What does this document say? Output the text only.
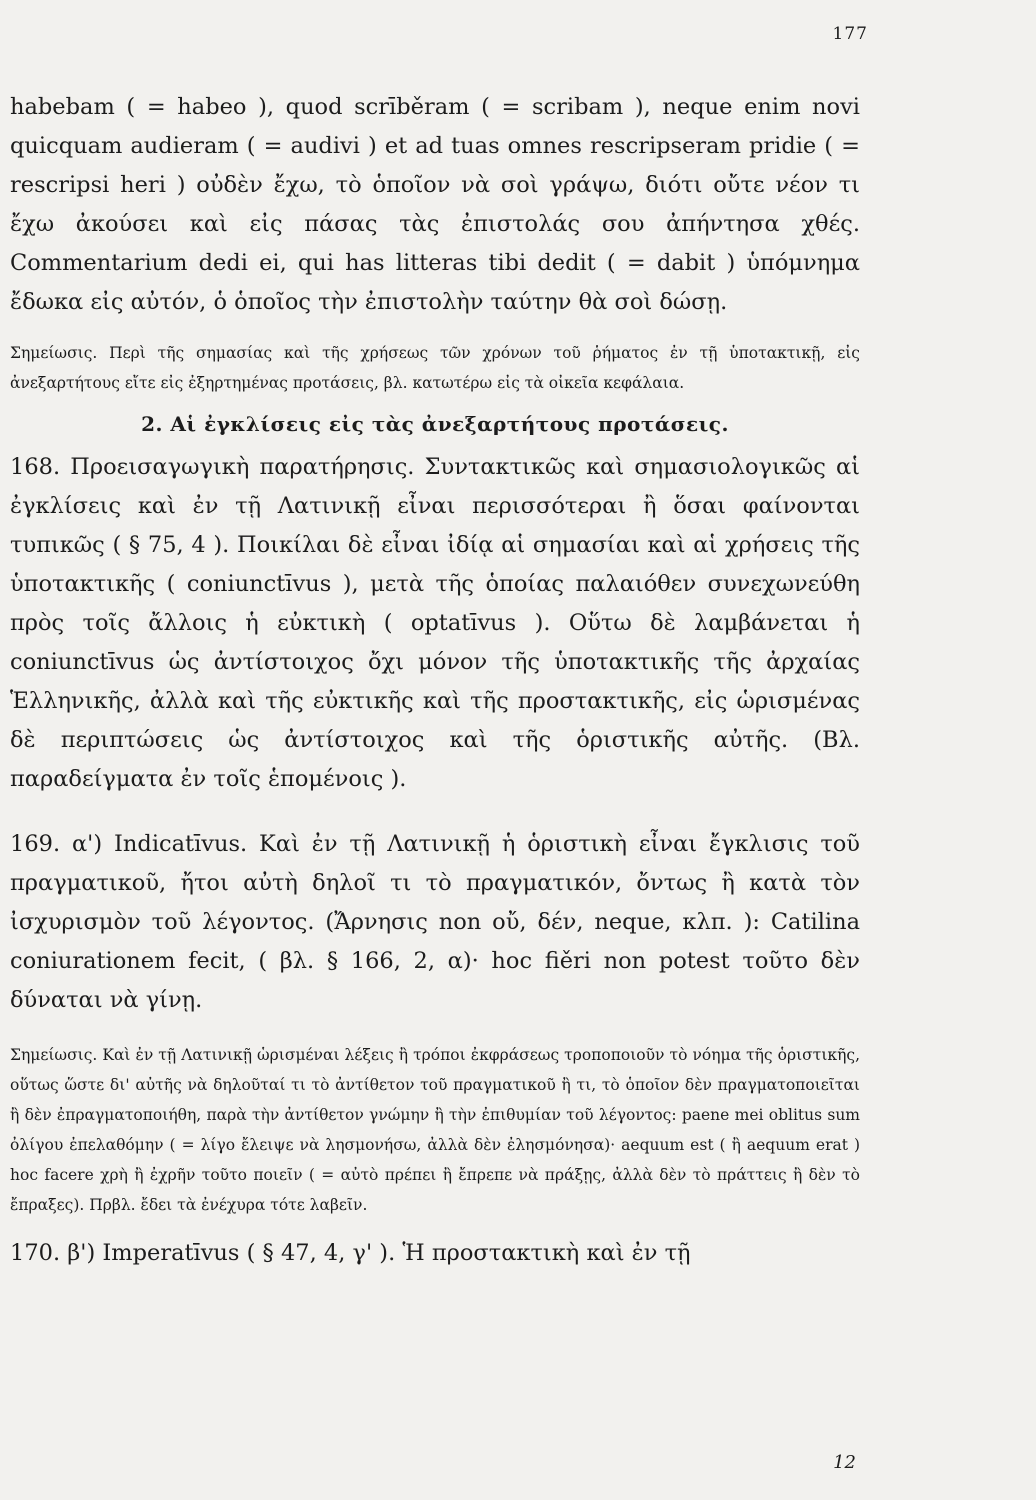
177

habebam ( = habeo ), quod scrīběram ( = scribam ), neque enim novi quicquam audieram ( = audivi ) et ad tuas omnes rescripseram pridie ( = rescripsi heri ) οὐδὲν ἔχω, τὸ ὁποῖον νὰ σοὶ γράψω, διότι οὔτε νέον τι ἔχω ἀκούσει καὶ εἰς πάσας τὰς ἐπιστολάς σου ἀπήντησα χθές. Commentarium dedi ei, qui has litteras tibi dedit ( = dabit ) ὑπόμνημα ἔδωκα εἰς αὐτόν, ὁ ὁποῖος τὴν ἐπιστολὴν ταύτην θὰ σοὶ δώσῃ.

Σημείωσις. Περὶ τῆς σημασίας καὶ τῆς χρήσεως τῶν χρόνων τοῦ ῥήματος ἐν τῇ ὑποτακτικῇ, εἰς ἀνεξαρτήτους εἴτε εἰς ἐξηρτημένας προτάσεις, βλ. κατωτέρω εἰς τὰ οἰκεῖα κεφάλαια.

2. Αἱ ἐγκλίσεις εἰς τὰς ἀνεξαρτήτους προτάσεις.

168. Προεισαγωγικὴ παρατήρησις. Συντακτικῶς καὶ σημασιολογικῶς αἱ ἐγκλίσεις καὶ ἐν τῇ Λατινικῇ εἶναι περισσότεραι ἢ ὅσαι φαίνονται τυπικῶς ( § 75, 4 ). Ποικίλαι δὲ εἶναι ἰδίᾳ αἱ σημασίαι καὶ αἱ χρήσεις τῆς ὑποτακτικῆς ( coniunctīvus ), μετὰ τῆς ὁποίας παλαιόθεν συνεχωνεύθη πρὸς τοῖς ἄλλοις ἡ εὐκτικὴ ( optatīvus ). Οὕτω δὲ λαμβάνεται ἡ coniunctīvus ὡς ἀντίστοιχος ὄχι μόνον τῆς ὑποτακτικῆς τῆς ἀρχαίας Ἑλληνικῆς, ἀλλὰ καὶ τῆς εὐκτικῆς καὶ τῆς προστακτικῆς, εἰς ὡρισμένας δὲ περιπτώσεις ὡς ἀντίστοιχος καὶ τῆς ὁριστικῆς αὐτῆς. (Βλ. παραδείγματα ἐν τοῖς ἑπομένοις ).

169. α') Indicatīvus. Καὶ ἐν τῇ Λατινικῇ ἡ ὁριστικὴ εἶναι ἔγκλισις τοῦ πραγματικοῦ, ἤτοι αὐτὴ δηλοῖ τι τὸ πραγματικόν, ὄντως ἢ κατὰ τὸν ἰσχυρισμὸν τοῦ λέγοντος. (Ἄρνησις non οὔ, δέν, neque, κλπ. ): Catilina coniurationem fecit, ( βλ. § 166, 2, α)· hoc fiěri non potest τοῦτο δὲν δύναται νὰ γίνῃ.

Σημείωσις. Καὶ ἐν τῇ Λατινικῇ ὡρισμέναι λέξεις ἢ τρόποι ἐκφράσεως τροποποιοῦν τὸ νόημα τῆς ὁριστικῆς, οὕτως ὥστε δι' αὐτῆς νὰ δηλοῦταί τι τὸ ἀντίθετον τοῦ πραγματικοῦ ἢ τι, τὸ ὁποῖον δὲν πραγματοποιεῖται ἢ δὲν ἐπραγματοποιήθη, παρὰ τὴν ἀντίθετον γνώμην ἢ τὴν ἐπιθυμίαν τοῦ λέγοντος: paene mei oblitus sum ὀλίγου ἐπελαθόμην ( = λίγο ἔλειψε νὰ λησμονήσω, ἀλλὰ δὲν ἐλησμόνησα)· aequum est ( ἢ aequum erat ) hoc facere χρὴ ἢ ἐχρῆν τοῦτο ποιεῖν ( = αὐτὸ πρέπει ἢ ἔπρεπε νὰ πράξῃς, ἀλλὰ δὲν τὸ πράττεις ἢ δὲν τὸ ἔπραξες). Πρβλ. ἔδει τὰ ἐνέχυρα τότε λαβεῖν.

170. β') Imperatīvus ( § 47, 4, γ' ). Ἡ προστακτικὴ καὶ ἐν τῇ

12
